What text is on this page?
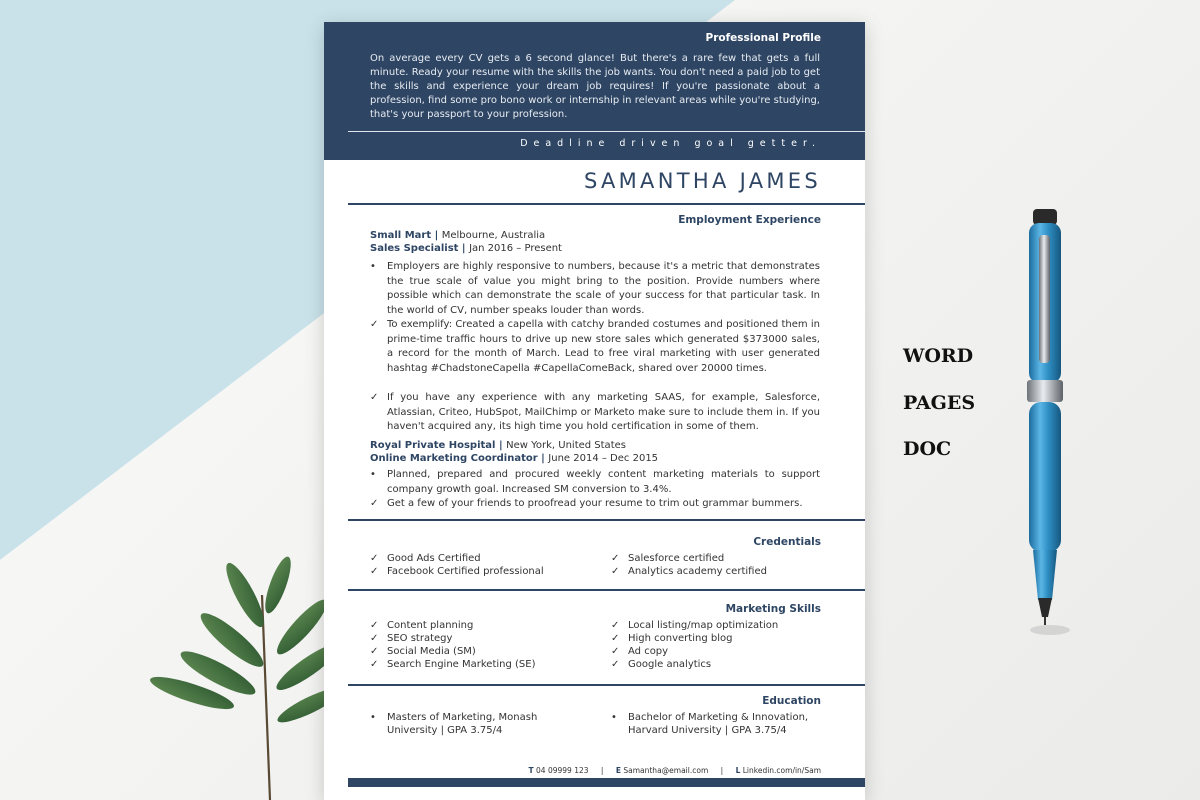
Professional Profile
On average every CV gets a 6 second glance! But there's a rare few that gets a full minute. Ready your resume with the skills the job wants. You don't need a paid job to get the skills and experience your dream job requires! If you're passionate about a profession, find some pro bono work or internship in relevant areas while you're studying, that's your passport to your profession.
Deadline driven goal getter.
SAMANTHA JAMES
Employment Experience
Small Mart | Melbourne, Australia
Sales Specialist | Jan 2016 – Present
•	Employers are highly responsive to numbers, because it's a metric that demonstrates the true scale of value you might bring to the position. Provide numbers where possible which can demonstrate the scale of your success for that particular task. In the world of CV, number speaks louder than words.
✓ To exemplify: Created a capella with catchy branded costumes and positioned them in prime-time traffic hours to drive up new store sales which generated $373000 sales, a record for the month of March. Lead to free viral marketing with user generated hashtag #ChadstoneCapella #CapellaComeBack, shared over 20000 times.
✓ If you have any experience with any marketing SAAS, for example, Salesforce, Atlassian, Criteo, HubSpot, MailChimp or Marketo make sure to include them in. If you haven't acquired any, its high time you hold certification in some of them.
Royal Private Hospital | New York, United States
Online Marketing Coordinator | June 2014 – Dec 2015
•	Planned, prepared and procured weekly content marketing materials to support company growth goal. Increased SM conversion to 3.4%.
✓ Get a few of your friends to proofread your resume to trim out grammar bummers.
Credentials
✓ Good Ads Certified
✓ Facebook Certified professional
✓ Salesforce certified
✓ Analytics academy certified
Marketing Skills
✓ Content planning
✓ SEO strategy
✓ Social Media (SM)
✓ Search Engine Marketing (SE)
✓ Local listing/map optimization
✓ High converting blog
✓ Ad copy
✓ Google analytics
Education
• Masters of Marketing, Monash University | GPA 3.75/4
• Bachelor of Marketing & Innovation, Harvard University | GPA 3.75/4
T 04 09999 123 | E Samantha@email.com | L Linkedin.com/in/Sam
WORD
PAGES
DOC
